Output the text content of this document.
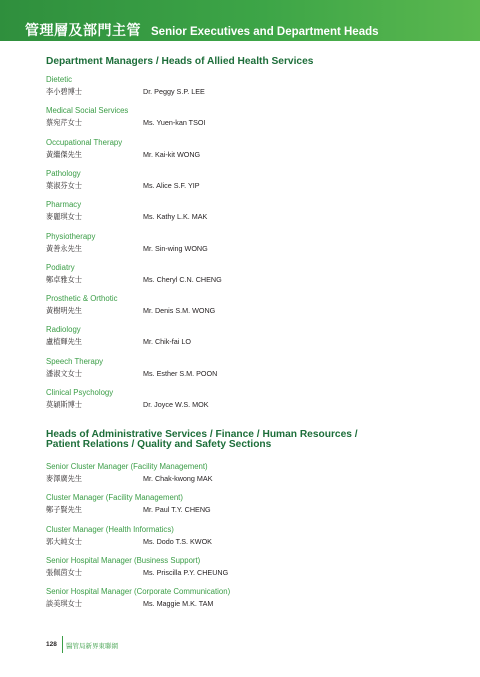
管理層及部門主管 Senior Executives and Department Heads
Department Managers / Heads of Allied Health Services
Dietetic
李小碧博士	Dr. Peggy S.P. LEE
Medical Social Services
蔡宛芹女士	Ms. Yuen-kan TSOI
Occupational Therapy
黃繼傑先生	Mr. Kai-kit WONG
Pathology
葉淑芬女士	Ms. Alice S.F. YIP
Pharmacy
麥麗琪女士	Ms. Kathy L.K. MAK
Physiotherapy
黃善永先生	Mr. Sin-wing WONG
Podiatry
鄭卓雅女士	Ms. Cheryl C.N. CHENG
Prosthetic & Orthotic
黃樹明先生	Mr. Denis S.M. WONG
Radiology
盧植輝先生	Mr. Chik-fai LO
Speech Therapy
潘淑文女士	Ms. Esther S.M. POON
Clinical Psychology
莫穎斯博士	Dr. Joyce W.S. MOK
Heads of Administrative Services / Finance / Human Resources / Patient Relations / Quality and Safety Sections
Senior Cluster Manager (Facility Management)
麥澤廣先生	Mr. Chak-kwong MAK
Cluster Manager (Facility Management)
鄭子賢先生	Mr. Paul T.Y. CHENG
Cluster Manager (Health Informatics)
郭大純女士	Ms. Dodo T.S. KWOK
Senior Hospital Manager (Business Support)
張佩茵女士	Ms. Priscilla P.Y. CHEUNG
Senior Hospital Manager (Corporate Communication)
談美琪女士	Ms. Maggie M.K. TAM
128 醫管局新界東聯網
